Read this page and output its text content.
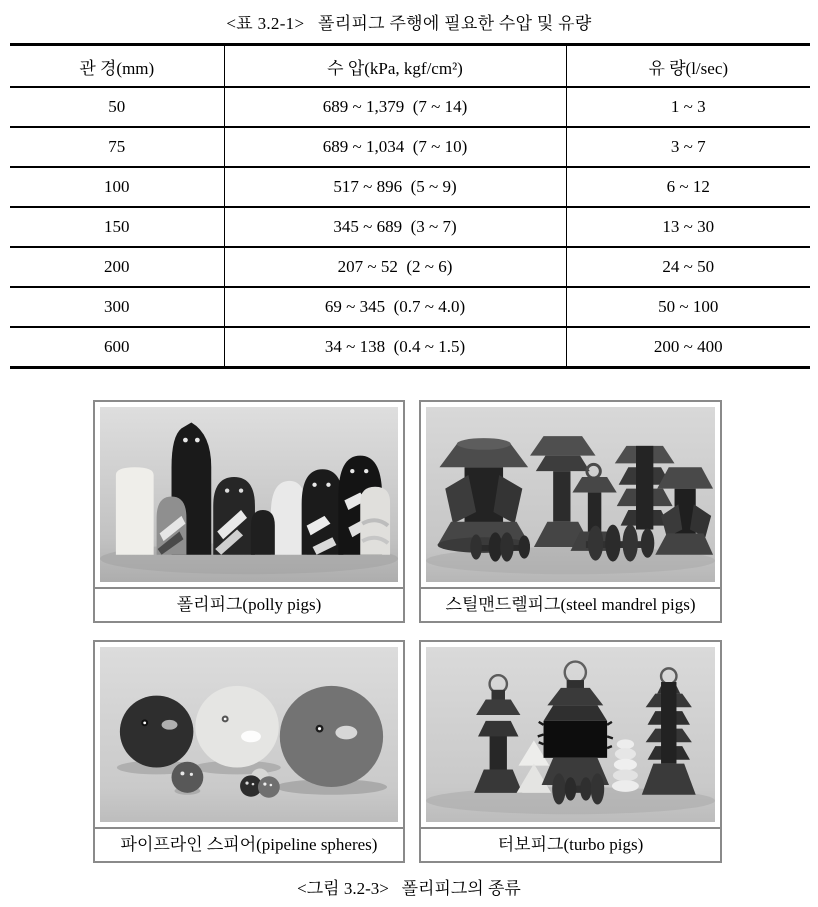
<표 3.2-1>   폴리피그 주행에 필요한 수압 및 유량
관 경(mm)	수 압(kPa, kgf/cm²)	유 량(l/sec)
50	689 ~ 1,379  (7 ~ 14)	1 ~ 3
75	689 ~ 1,034  (7 ~ 10)	3 ~ 7
100	517 ~ 896  (5 ~ 9)	6 ~ 12
150	345 ~ 689  (3 ~ 7)	13 ~ 30
200	207 ~ 52  (2 ~ 6)	24 ~ 50
300	69 ~ 345  (0.7 ~ 4.0)	50 ~ 100
600	34 ~ 138  (0.4 ~ 1.5)	200 ~ 400
폴리피그(polly pigs)	스틸맨드렐피그(steel mandrel pigs)
파이프라인 스피어(pipeline spheres)	터보피그(turbo pigs)
<그림 3.2-3>   폴리피그의 종류
